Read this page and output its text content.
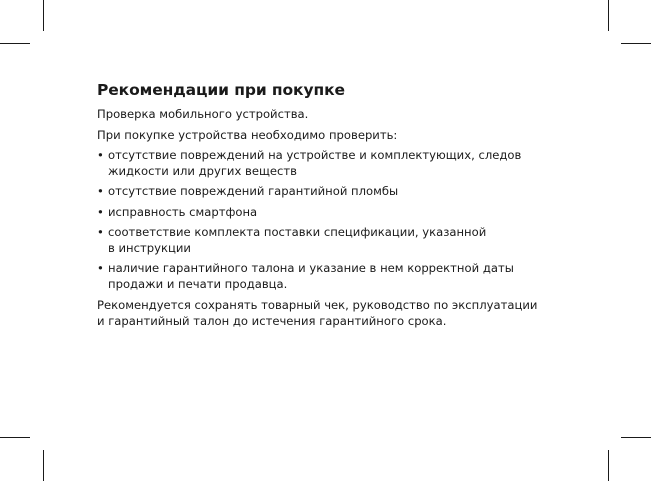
Рекомендации при покупке

Проверка мобильного устройства.

При покупке устройства необходимо проверить:

• отсутствие повреждений на устройстве и комплектующих, следов
жидкости или других веществ
• отсутствие повреждений гарантийной пломбы
• исправность смартфона
• соответствие комплекта поставки спецификации, указанной
в инструкции
• наличие гарантийного талона и указание в нем корректной даты
продажи и печати продавца.

Рекомендуется сохранять товарный чек, руководство по эксплуатации
и гарантийный талон до истечения гарантийного срока.
